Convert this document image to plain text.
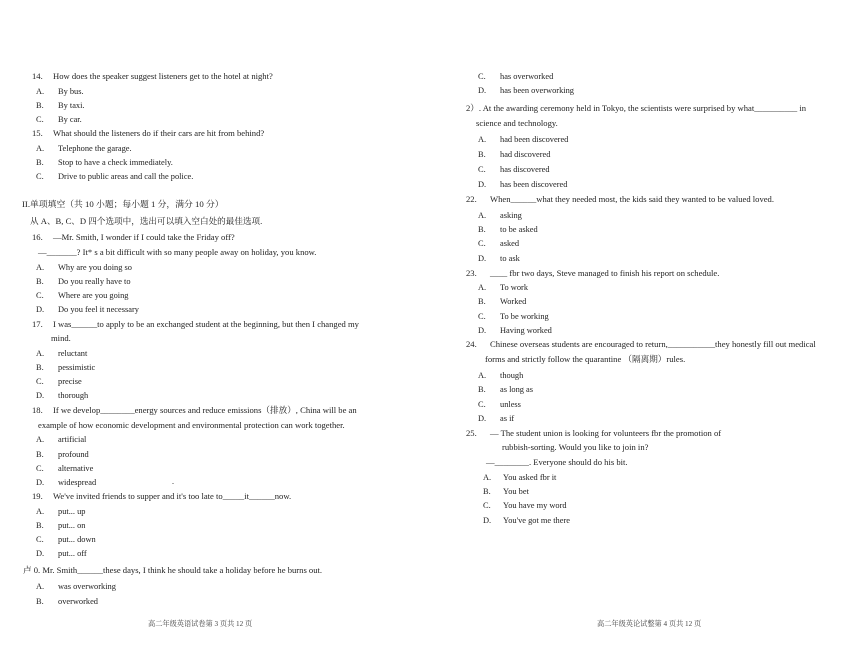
14. How does the speaker suggest listeners get to the hotel at night?
A. By bus.
B. By taxi.
C. By car.
15. What should the listeners do if their cars are hit from behind?
A. Telephone the garage.
B. Stop to have a check immediately.
C. Drive to public areas and call the police.
II.单项填空（共 10 小题；每小题 1 分，满分 10 分）
从 A、B, C、D 四个选项中，选出可以填入空白处的最佳选项.
16. —Mr. Smith, I wonder if I could take the Friday off?
—_______? It* s a bit difficult with so many people away on holiday, you know.
A. Why are you doing so
B. Do you really have to
C. Where are you going
D. Do you feel it necessary
17. I was______to apply to be an exchanged student at the beginning, but then I changed my
mind.
A. reluctant
B. pessimistic
C. precise
D. thorough
18. If we develop________energy sources and reduce emissions（排放）, China will be an
example of how economic development and environmental protection can work together.
A. artificial
B. profound
C. alternative
D. widespread	.
19. We've invited friends to supper and it's too late to_____it______now.
A. put... up
B. put... on
C. put... down
D. put... off
卢 0. Mr. Smith______these days, I think he should take a holiday before he burns out.
A. was overworking
B. overworked
高二年级英语试卷第 3 页共 12 页
C. has overworked
D. has been overworking
2）. At the awarding ceremony held in Tokyo, the scientists were surprised by what__________ in
science and technology.
A. had been discovered
B. had discovered
C. has discovered
D. has been discovered
22. When______what they needed most, the kids said they wanted to be valued loved.
A. asking
B. to be asked
C. asked
D. to ask
23. ____ fbr two days, Steve managed to finish his report on schedule.
A. To work
B. Worked
C. To be working
D. Having worked
24. Chinese overseas students are encouraged to return,___________they honestly fill out medical
forms and strictly follow the quarantine （隔离期）rules.
A. though
B. as long as
C. unless
D. as if
25. — The student union is looking for volunteers fbr the promotion of
rubbish-sorting. Would you like to join in?
—________. Everyone should do his bit.
A. You asked fbr it
B. You bet
C. You have my word
D. You've got me there
高二年级英论试整第 4 页共 12 页
